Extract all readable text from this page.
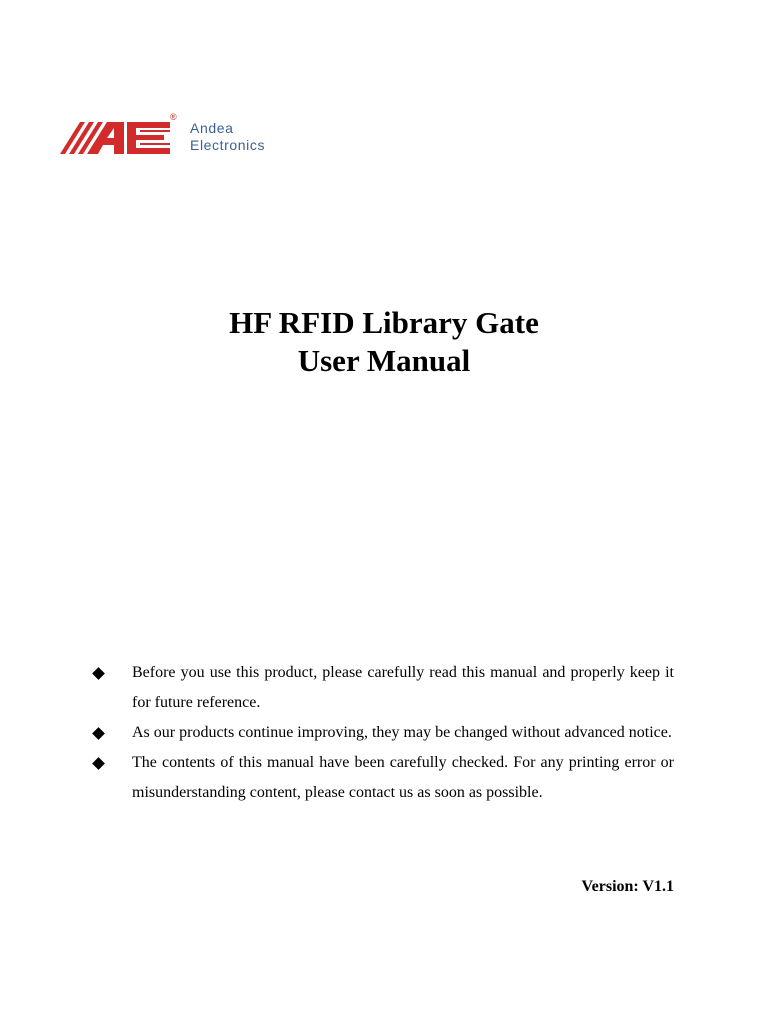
®
Andea
Electronics
HF RFID Library Gate
User Manual
Before you use this product, please carefully read this manual and properly keep it for future reference.
As our products continue improving, they may be changed without advanced notice.
The contents of this manual have been carefully checked. For any printing error or misunderstanding content, please contact us as soon as possible.
Version: V1.1
